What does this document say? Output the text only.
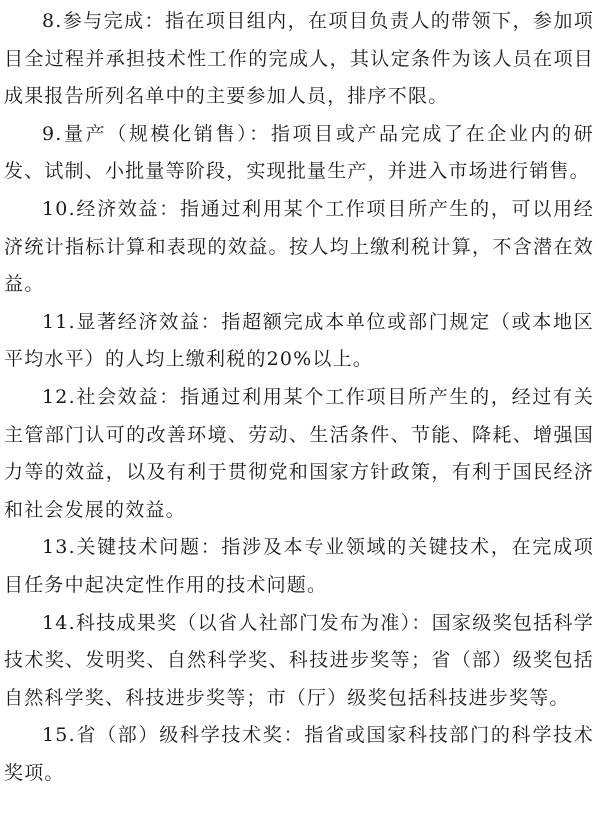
8.参与完成：指在项目组内，在项目负责人的带领下，参加项目全过程并承担技术性工作的完成人，其认定条件为该人员在项目成果报告所列名单中的主要参加人员，排序不限。

9.量产（规模化销售）：指项目或产品完成了在企业内的研发、试制、小批量等阶段，实现批量生产，并进入市场进行销售。

10.经济效益：指通过利用某个工作项目所产生的，可以用经济统计指标计算和表现的效益。按人均上缴利税计算，不含潜在效益。

11.显著经济效益：指超额完成本单位或部门规定（或本地区平均水平）的人均上缴利税的20%以上。

12.社会效益：指通过利用某个工作项目所产生的，经过有关主管部门认可的改善环境、劳动、生活条件、节能、降耗、增强国力等的效益，以及有利于贯彻党和国家方针政策，有利于国民经济和社会发展的效益。

13.关键技术问题：指涉及本专业领域的关键技术，在完成项目任务中起决定性作用的技术问题。

14.科技成果奖（以省人社部门发布为准）：国家级奖包括科学技术奖、发明奖、自然科学奖、科技进步奖等；省（部）级奖包括自然科学奖、科技进步奖等；市（厅）级奖包括科技进步奖等。

15.省（部）级科学技术奖：指省或国家科技部门的科学技术奖项。
